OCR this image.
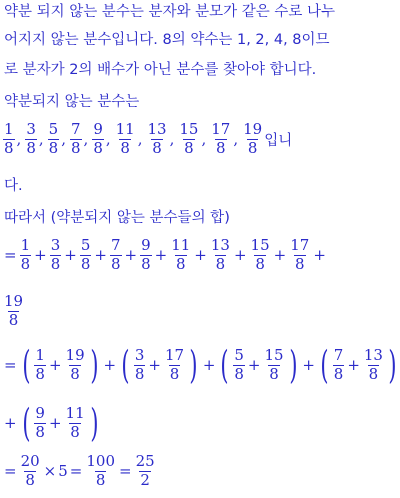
약분 되지 않는 분수는 분자와 분모가 같은 수로 나누
어지지 않는 분수입니다. 8의 약수는 1, 2, 4, 8이므
로 분자가 2의 배수가 아닌 분수를 찾아야 합니다.
약분되지 않는 분수는
$\frac{1}{8}$ , $\frac{3}{8}$ , $\frac{5}{8}$ , $\frac{7}{8}$ , $\frac{9}{8}$ , $\frac{11}{8}$ , $\frac{13}{8}$ , $\frac{15}{8}$ , $\frac{17}{8}$ , $\frac{19}{8}$ 입니
다.
따라서 (약분되지 않는 분수들의 합)
= $\frac{1}{8} + \frac{3}{8} + \frac{5}{8} + \frac{7}{8} + \frac{9}{8} + \frac{11}{8} + \frac{13}{8} + \frac{15}{8} + \frac{17}{8}$ +
$\frac{19}{8}$
= ( $\frac{1}{8} + \frac{19}{8}$ ) + ( $\frac{3}{8} + \frac{17}{8}$ ) + ( $\frac{5}{8} + \frac{15}{8}$ ) + ( $\frac{7}{8} + \frac{13}{8}$ )
+ ( $\frac{9}{8} + \frac{11}{8}$ )
= $\frac{20}{8} \times 5 = \frac{100}{8} = \frac{25}{2}$
